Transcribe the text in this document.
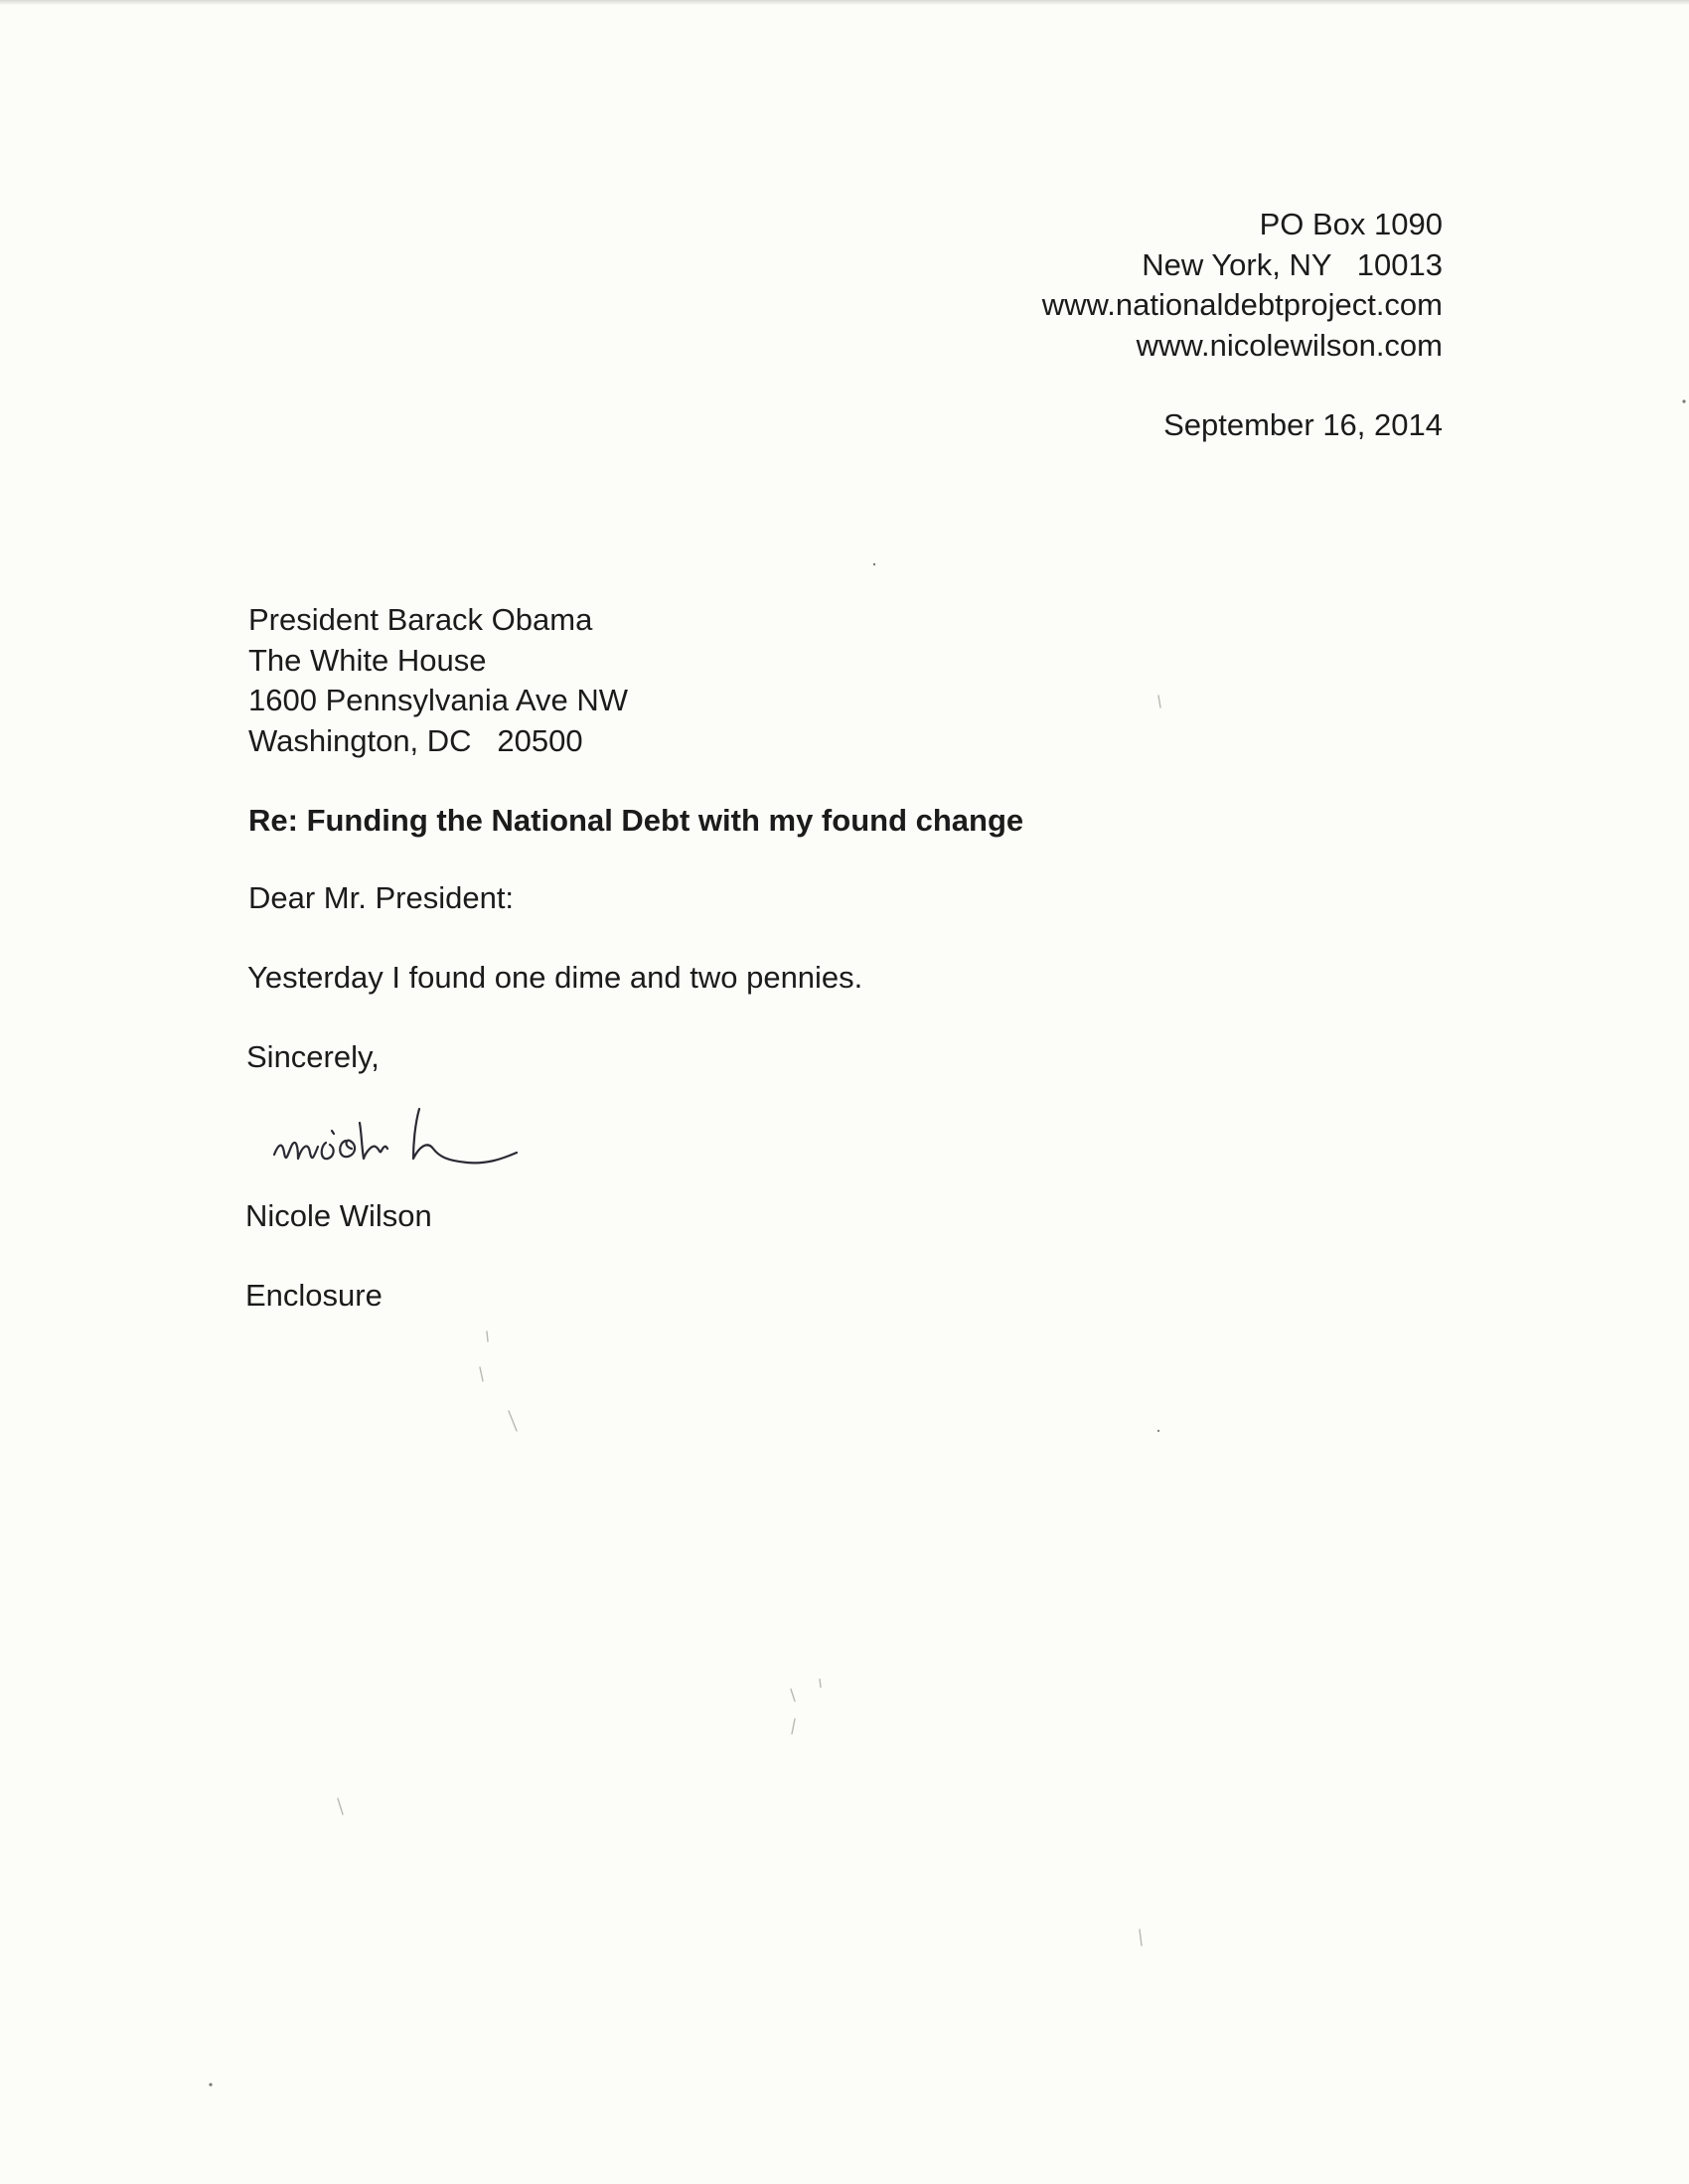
PO Box 1090
New York, NY   10013
www.nationaldebtproject.com
www.nicolewilson.com
September 16, 2014
President Barack Obama
The White House
1600 Pennsylvania Ave NW
Washington, DC   20500
Re: Funding the National Debt with my found change
Dear Mr. President:
Yesterday I found one dime and two pennies.
Sincerely,
Nicole Wilson
Enclosure
